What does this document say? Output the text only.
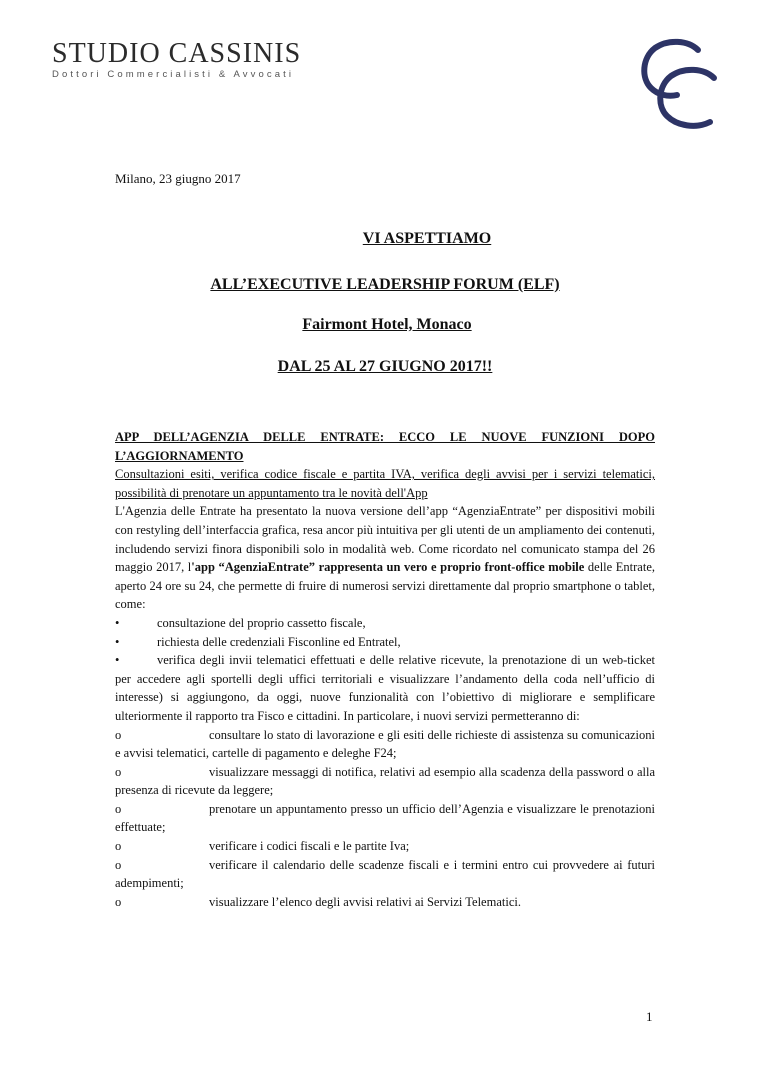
STUDIO CASSINIS
Dottori Commercialisti & Avvocati
Milano, 23 giugno 2017
VI ASPETTIAMO
ALL’EXECUTIVE LEADERSHIP FORUM (ELF)
Fairmont Hotel, Monaco
DAL 25 AL 27 GIUGNO 2017!!
APP DELL’AGENZIA DELLE ENTRATE: ECCO LE NUOVE FUNZIONI DOPO L’AGGIORNAMENTO
Consultazioni esiti, verifica codice fiscale e partita IVA, verifica degli avvisi per i servizi telematici, possibilità di prenotare un appuntamento tra le novità dell'App
L'Agenzia delle Entrate ha presentato la nuova versione dell’app “AgenziaEntrate” per dispositivi mobili con restyling dell’interfaccia grafica, resa ancor più intuitiva per gli utenti de un ampliamento dei contenuti, includendo servizi finora disponibili solo in modalità web. Come ricordato nel comunicato stampa del 26 maggio 2017, l'app “AgenziaEntrate” rappresenta un vero e proprio front-office mobile delle Entrate, aperto 24 ore su 24, che permette di fruire di numerosi servizi direttamente dal proprio smartphone o tablet, come:
•	consultazione del proprio cassetto fiscale,
•	richiesta delle credenziali Fisconline ed Entratel,
•	verifica degli invii telematici effettuati e delle relative ricevute, la prenotazione di un web-ticket per accedere agli sportelli degli uffici territoriali e visualizzare l’andamento della coda nell’ufficio di interesse) si aggiungono, da oggi, nuove funzionalità con l’obiettivo di migliorare e semplificare ulteriormente il rapporto tra Fisco e cittadini. In particolare, i nuovi servizi permetteranno di:
o	consultare lo stato di lavorazione e gli esiti delle richieste di assistenza su comunicazioni e avvisi telematici, cartelle di pagamento e deleghe F24;
o	visualizzare messaggi di notifica, relativi ad esempio alla scadenza della password o alla presenza di ricevute da leggere;
o	prenotare un appuntamento presso un ufficio dell’Agenzia e visualizzare le prenotazioni effettuate;
o	verificare i codici fiscali e le partite Iva;
o	verificare il calendario delle scadenze fiscali e i termini entro cui provvedere ai futuri adempimenti;
o	visualizzare l’elenco degli avvisi relativi ai Servizi Telematici.
1
